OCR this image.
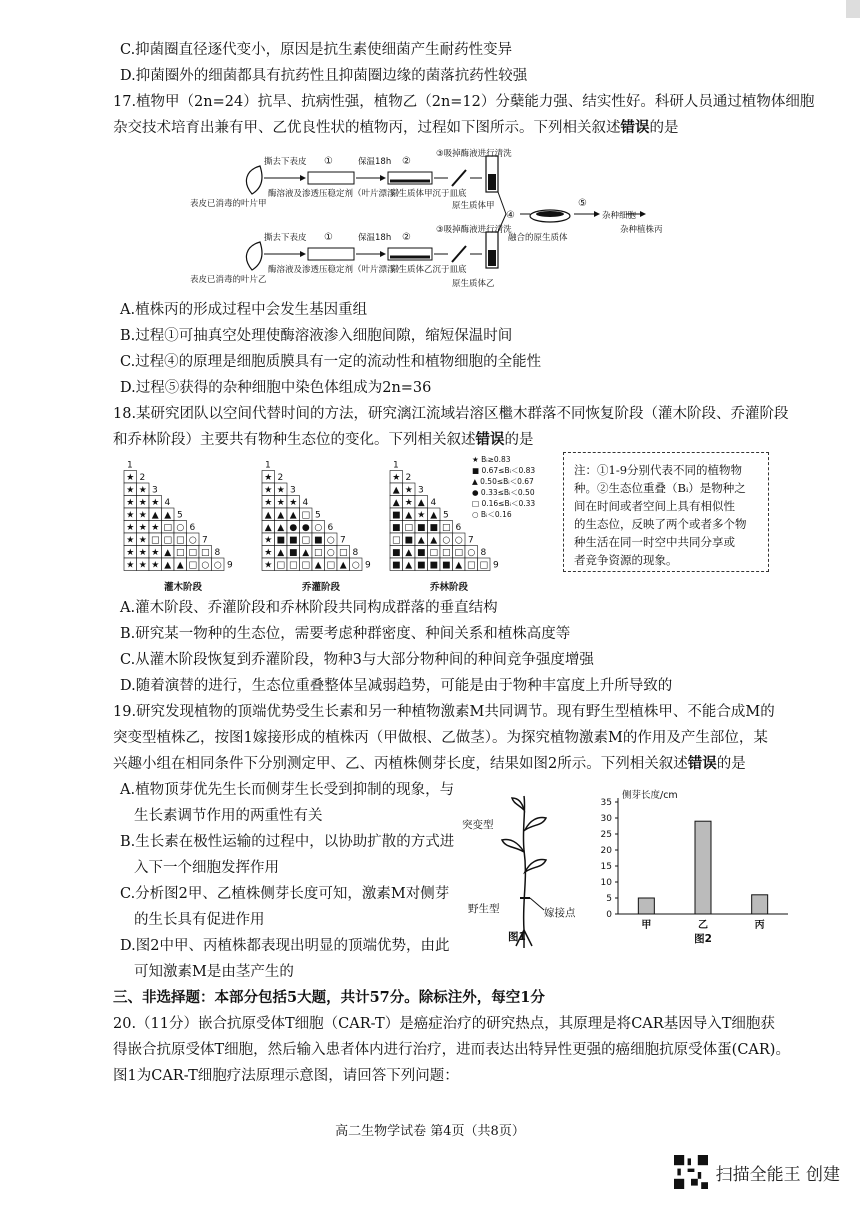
C.抑菌圈直径逐代变小，原因是抗生素使细菌产生耐药性变异
D.抑菌圈外的细菌都具有抗药性且抑菌圈边缘的菌落抗药性较强
17.植物甲（2n=24）抗旱、抗病性强，植物乙（2n=12）分蘖能力强、结实性好。科研人员通过植物体细胞
杂交技术培育出兼有甲、乙优良性状的植物丙，过程如下图所示。下列相关叙述错误的是
表皮已消毒的叶片甲
撕去下表皮 ①
酶溶液及渗透压稳定剂（叶片漂浮）
保温18h ②
原生质体甲沉于皿底
③吸掉酶液进行清洗
原生质体甲
表皮已消毒的叶片乙
撕去下表皮 ①
酶溶液及渗透压稳定剂（叶片漂浮）
保温18h ②
原生质体乙沉于皿底
③吸掉酶液进行清洗
原生质体乙
④
融合的原生质体
⑤
杂种细胞
杂种植株丙
A.植株丙的形成过程中会发生基因重组
B.过程①可抽真空处理使酶溶液渗入细胞间隙，缩短保温时间
C.过程④的原理是细胞质膜具有一定的流动性和植物细胞的全能性
D.过程⑤获得的杂种细胞中染色体组成为2n=36
18.某研究团队以空间代替时间的方法，研究漓江流域岩溶区檵木群落不同恢复阶段（灌木阶段、乔灌阶段
和乔林阶段）主要共有物种生态位的变化。下列相关叙述错误的是
1
★ 2
★ ★ 3
★ ★ ★ 4
★ ★ ▲ ▲ 5
★ ★ ★ □ ○ 6
★ ★ □ □ □ ○ 7
★ ★ ★ ▲ □ □ □ 8
★ ★ ★ ▲ ▲ □ ○ ○ 9
灌木阶段
1
★ 2
★ ★ 3
★ ★ ★ 4
▲ ▲ ▲ □ 5
▲ ▲ ● ● ○ 6
★ ■ ■ □ ■ ○ 7
★ ▲ ■ ▲ □ ○ □ 8
★ □ □ □ ▲ □ ▲ ○ 9
乔灌阶段
1
★ 2
▲ ★ 3
▲ ★ ▲ 4
■ ▲ ★ ▲ 5
■ □ ■ ■ □ 6
□ ■ ▲ ▲ ○ ○ 7
■ ▲ ■ □ □ □ ○ 8
■ ▲ ■ ■ ■ ▲ □ □ 9
乔林阶段
★ Bᵢ≥0.83
■ 0.67≤Bᵢ＜0.83
▲ 0.50≤Bᵢ＜0.67
● 0.33≤Bᵢ＜0.50
□ 0.16≤Bᵢ＜0.33
○ Bᵢ＜0.16
注：①1-9分别代表不同的植物物
种。②生态位重叠（Bᵢ）是物种之
间在时间或者空间上具有相似性
的生态位，反映了两个或者多个物
种生活在同一时空中共同分享或
者竞争资源的现象。
A.灌木阶段、乔灌阶段和乔林阶段共同构成群落的垂直结构
B.研究某一物种的生态位，需要考虑种群密度、种间关系和植株高度等
C.从灌木阶段恢复到乔灌阶段，物种3与大部分物种间的种间竞争强度增强
D.随着演替的进行，生态位重叠整体呈减弱趋势，可能是由于物种丰富度上升所导致的
19.研究发现植物的顶端优势受生长素和另一种植物激素M共同调节。现有野生型植株甲、不能合成M的
突变型植株乙，按图1嫁接形成的植株丙（甲做根、乙做茎）。为探究植物激素M的作用及产生部位，某
兴趣小组在相同条件下分别测定甲、乙、丙植株侧芽长度，结果如图2所示。下列相关叙述错误的是
A.植物顶芽优先生长而侧芽生长受到抑制的现象，与
生长素调节作用的两重性有关
B.生长素在极性运输的过程中，以协助扩散的方式进
入下一个细胞发挥作用
C.分析图2甲、乙植株侧芽长度可知，激素M对侧芽
的生长具有促进作用
D.图2中甲、丙植株都表现出明显的顶端优势，由此
可知激素M是由茎产生的
突变型
嫁接点
野生型
图1
侧芽长度/cm
0
5
10
15
20
25
30
35
甲	乙	丙
图2
三、非选择题：本部分包括5大题，共计57分。除标注外，每空1分
20.（11分）嵌合抗原受体T细胞（CAR-T）是癌症治疗的研究热点，其原理是将CAR基因导入T细胞获
得嵌合抗原受体T细胞，然后输入患者体内进行治疗，进而表达出特异性更强的癌细胞抗原受体蛋(CAR)。
图1为CAR-T细胞疗法原理示意图，请回答下列问题：
高二生物学试卷 第4页（共8页）
扫描全能王 创建
